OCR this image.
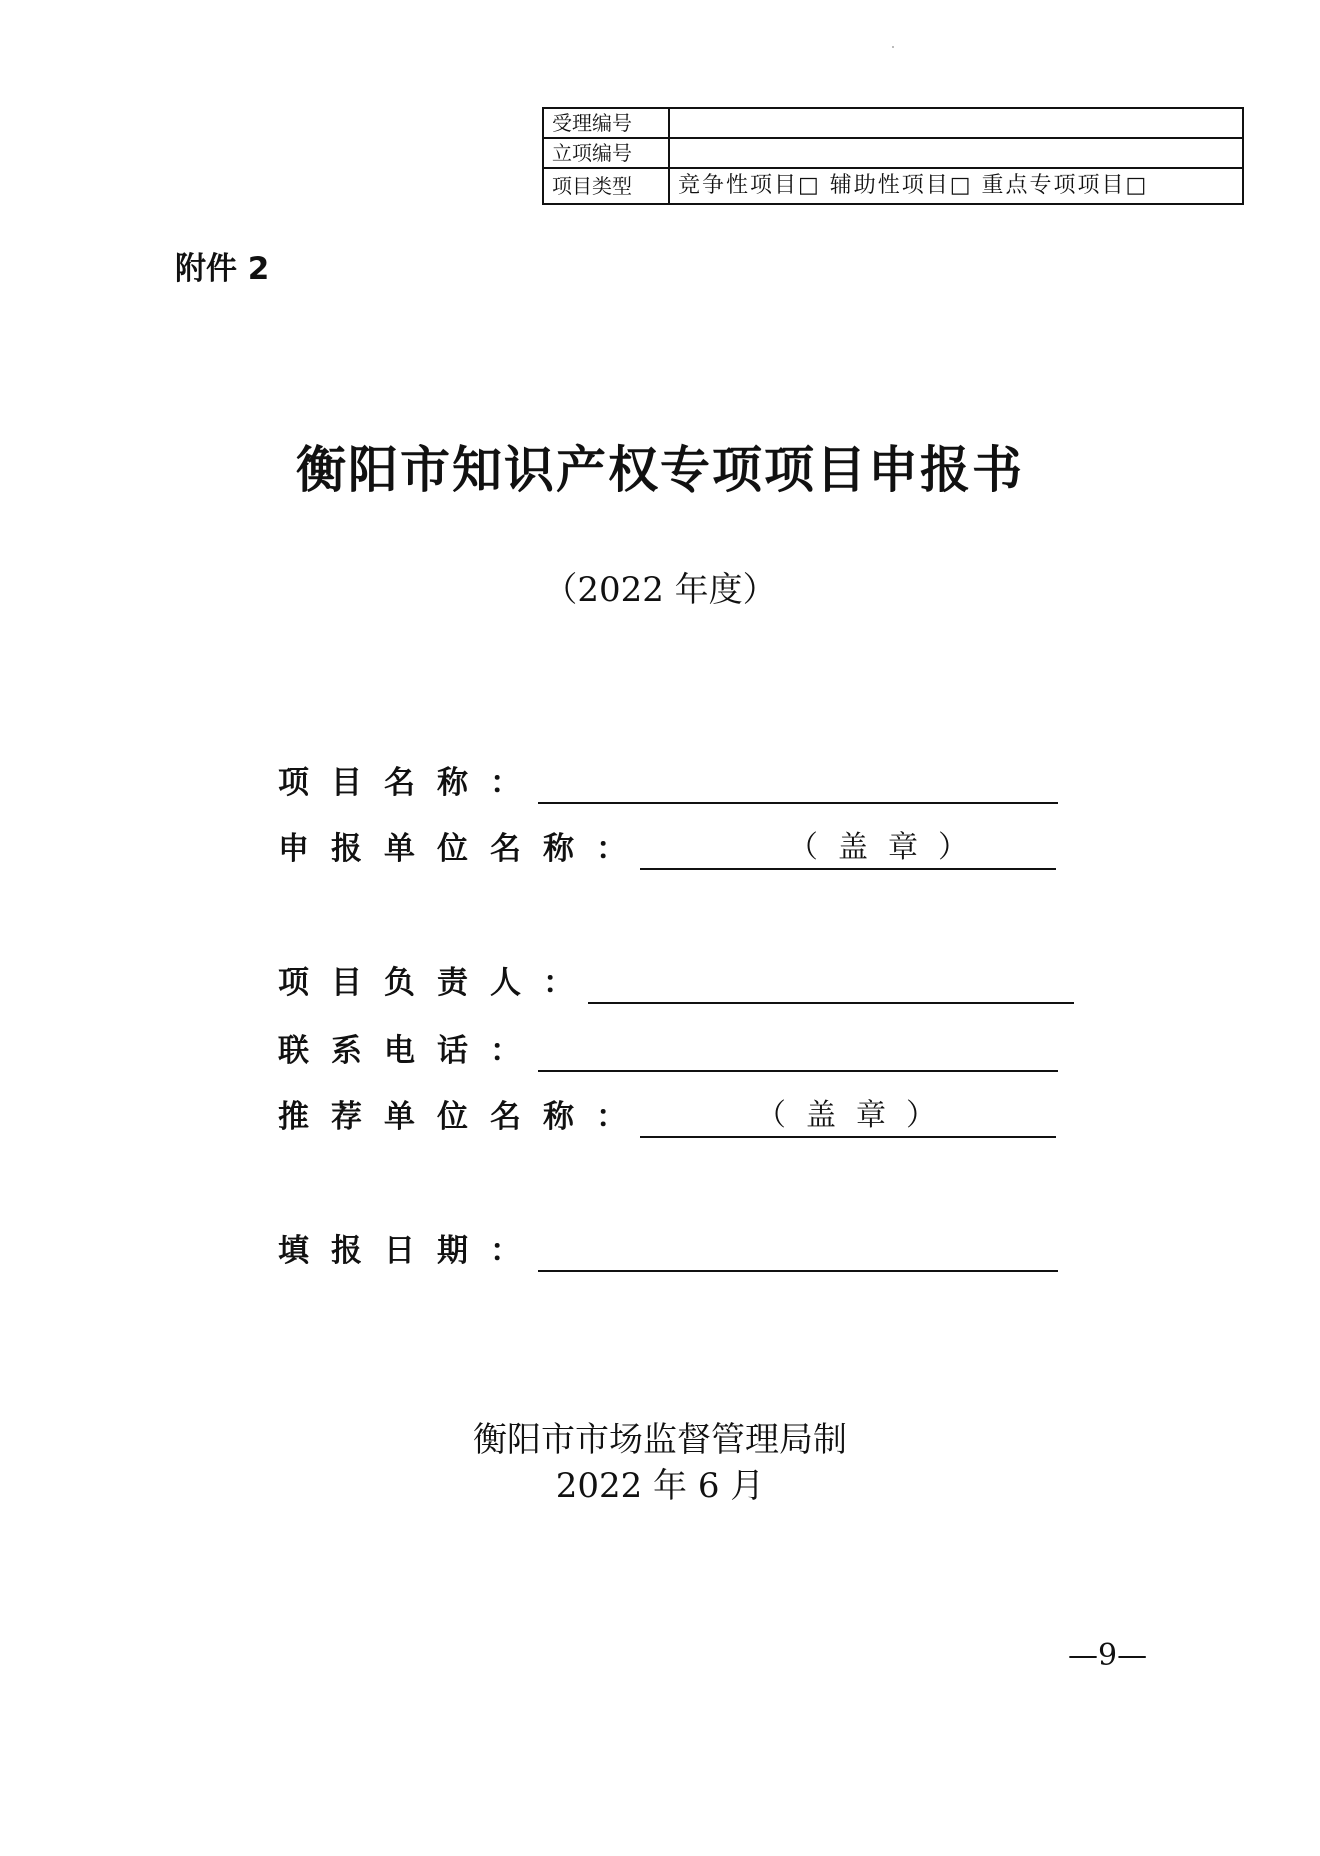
受理编号	
立项编号	
项目类型	竞争性项目□ 辅助性项目□ 重点专项项目□
附件 2
衡阳市知识产权专项项目申报书
（2022 年度）
项目名称：
申报单位名称：	（盖章）
项目负责人：
联系电话：
推荐单位名称：	（盖章）
填报日期：
衡阳市市场监督管理局制
2022 年 6 月
—9—
